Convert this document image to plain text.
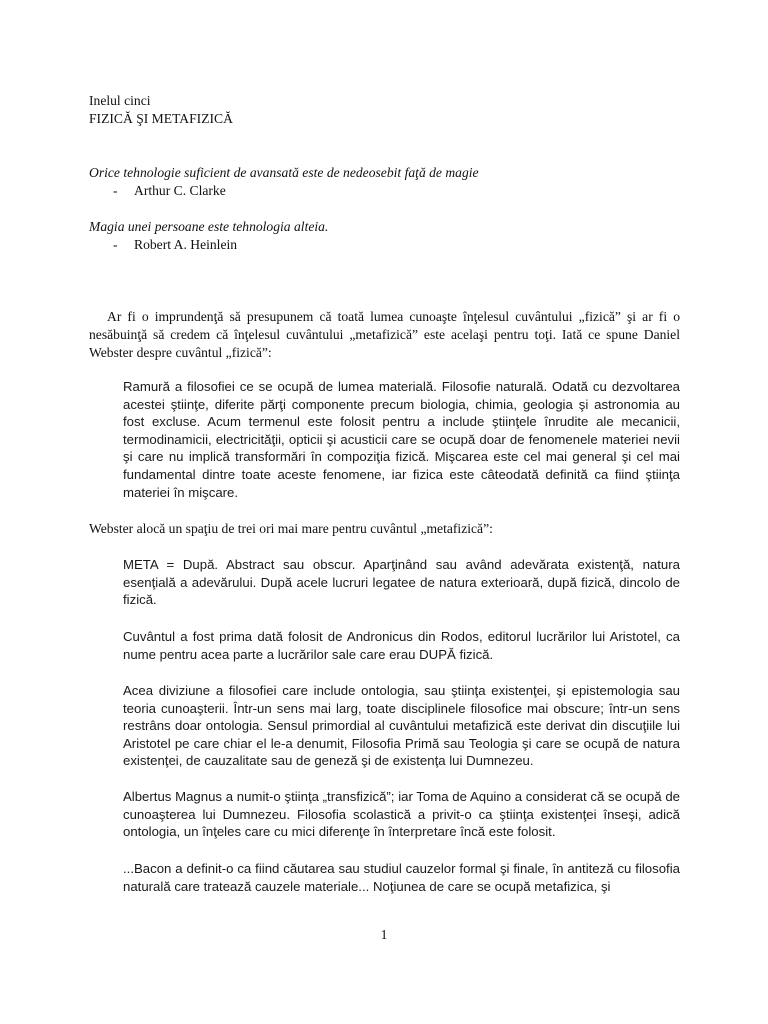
Inelul cinci
FIZICĂ ŞI METAFIZICĂ
Orice tehnologie suficient de avansată este de nedeosebit faţă de magie
- Arthur C. Clarke
Magia unei persoane este tehnologia alteia.
- Robert A. Heinlein
Ar fi o imprundenţă să presupunem că toată lumea cunoaşte înţelesul cuvântului „fizică” şi ar fi o nesăbuinţă să credem că înţelesul cuvântului „metafizică” este acelaşi pentru toţi. Iată ce spune Daniel Webster despre cuvântul „fizică”:
Ramură a filosofiei ce se ocupă de lumea materială. Filosofie naturală. Odată cu dezvoltarea acestei ştiinţe, diferite părţi componente precum biologia, chimia, geologia şi astronomia au fost excluse. Acum termenul este folosit pentru a include ştiinţele înrudite ale mecanicii, termodinamicii, electricităţii, opticii şi acusticii care se ocupă doar de fenomenele materiei nevii şi care nu implică transformări în compoziţia fizică. Mişcarea este cel mai general şi cel mai fundamental dintre toate aceste fenomene, iar fizica este câteodată definită ca fiind ştiinţa materiei în mişcare.
Webster alocă un spaţiu de trei ori mai mare pentru cuvântul „metafizică”:
META = După. Abstract sau obscur. Aparţinând sau având adevărata existenţă, natura esenţială a adevărului. După acele lucruri legatee de natura exterioară, după fizică, dincolo de fizică.
Cuvântul a fost prima dată folosit de Andronicus din Rodos, editorul lucrărilor lui Aristotel, ca nume pentru acea parte a lucrărilor sale care erau DUPĂ fizică.
Acea diviziune a filosofiei care include ontologia, sau ştiinţa existenţei, şi epistemologia sau teoria cunoaşterii. Într-un sens mai larg, toate disciplinele filosofice mai obscure; într-un sens restrâns doar ontologia. Sensul primordial al cuvântului metafizică este derivat din discuţiile lui Aristotel pe care chiar el le-a denumit, Filosofia Primă sau Teologia şi care se ocupă de natura existenţei, de cauzalitate sau de geneză şi de existenţa lui Dumnezeu.
Albertus Magnus a numit-o ştiinţa „transfizică”; iar Toma de Aquino a considerat că se ocupă de cunoaşterea lui Dumnezeu. Filosofia scolastică a privit-o ca ştiinţa existenţei înseşi, adică ontologia, un înţeles care cu mici diferenţe în înterpretare încă este folosit.
...Bacon a definit-o ca fiind căutarea sau studiul cauzelor formal şi finale, în antiteză cu filosofia naturală care tratează cauzele materiale... Noţiunea de care se ocupă metafizica, şi
1
